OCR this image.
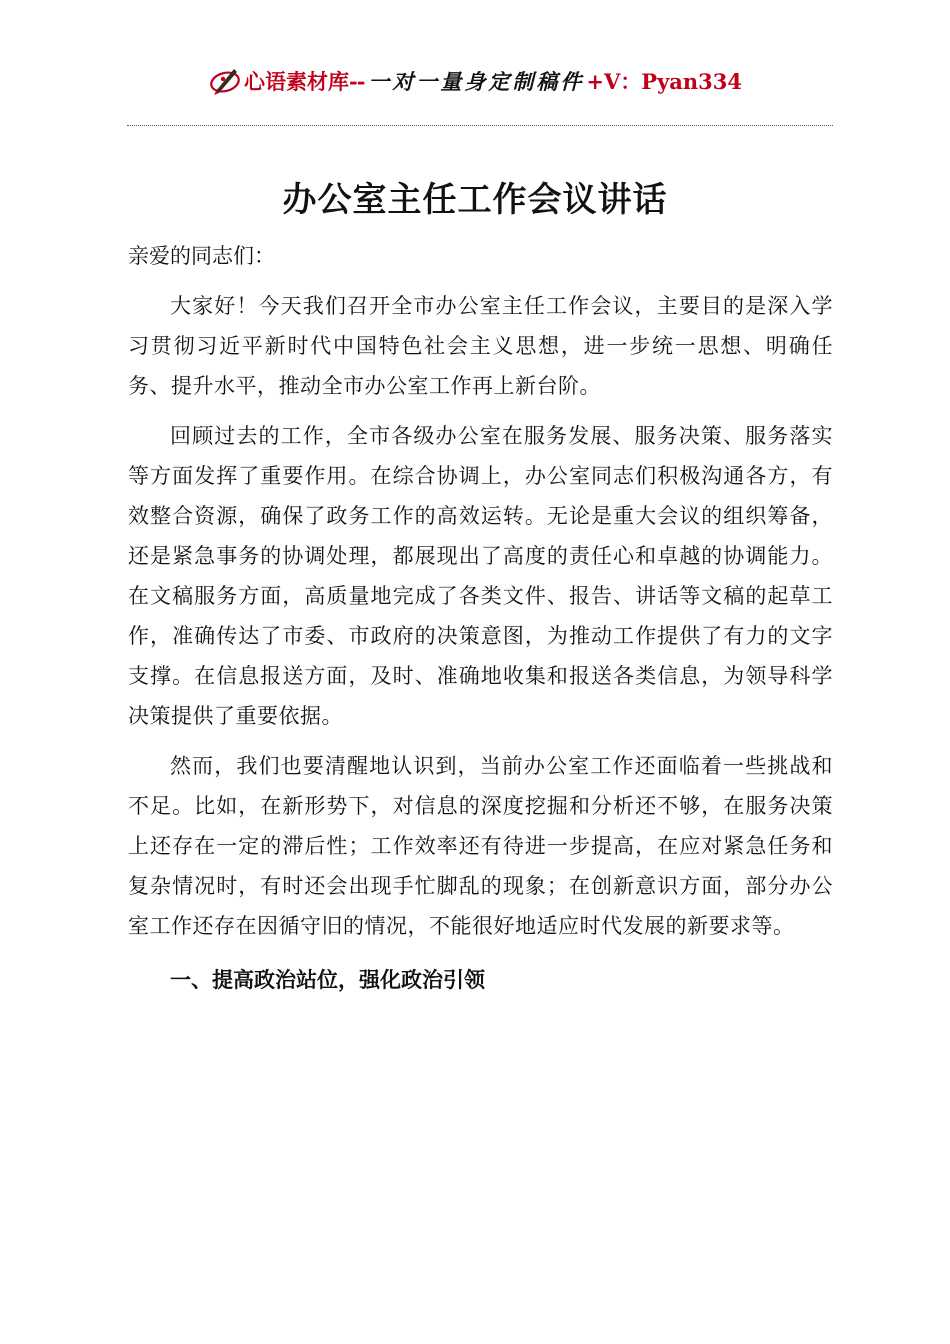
心语素材库 -- 一对一量身定制稿件 +V：Pyan334
办公室主任工作会议讲话

亲爱的同志们：

大家好！今天我们召开全市办公室主任工作会议，主要目的是深入学习贯彻习近平新时代中国特色社会主义思想，进一步统一思想、明确任务、提升水平，推动全市办公室工作再上新台阶。

回顾过去的工作，全市各级办公室在服务发展、服务决策、服务落实等方面发挥了重要作用。在综合协调上，办公室同志们积极沟通各方，有效整合资源，确保了政务工作的高效运转。无论是重大会议的组织筹备，还是紧急事务的协调处理，都展现出了高度的责任心和卓越的协调能力。在文稿服务方面，高质量地完成了各类文件、报告、讲话等文稿的起草工作，准确传达了市委、市政府的决策意图，为推动工作提供了有力的文字支撑。在信息报送方面，及时、准确地收集和报送各类信息，为领导科学决策提供了重要依据。

然而，我们也要清醒地认识到，当前办公室工作还面临着一些挑战和不足。比如，在新形势下，对信息的深度挖掘和分析还不够，在服务决策上还存在一定的滞后性；工作效率还有待进一步提高，在应对紧急任务和复杂情况时，有时还会出现手忙脚乱的现象；在创新意识方面，部分办公室工作还存在因循守旧的情况，不能很好地适应时代发展的新要求等。

一、提高政治站位，强化政治引领
